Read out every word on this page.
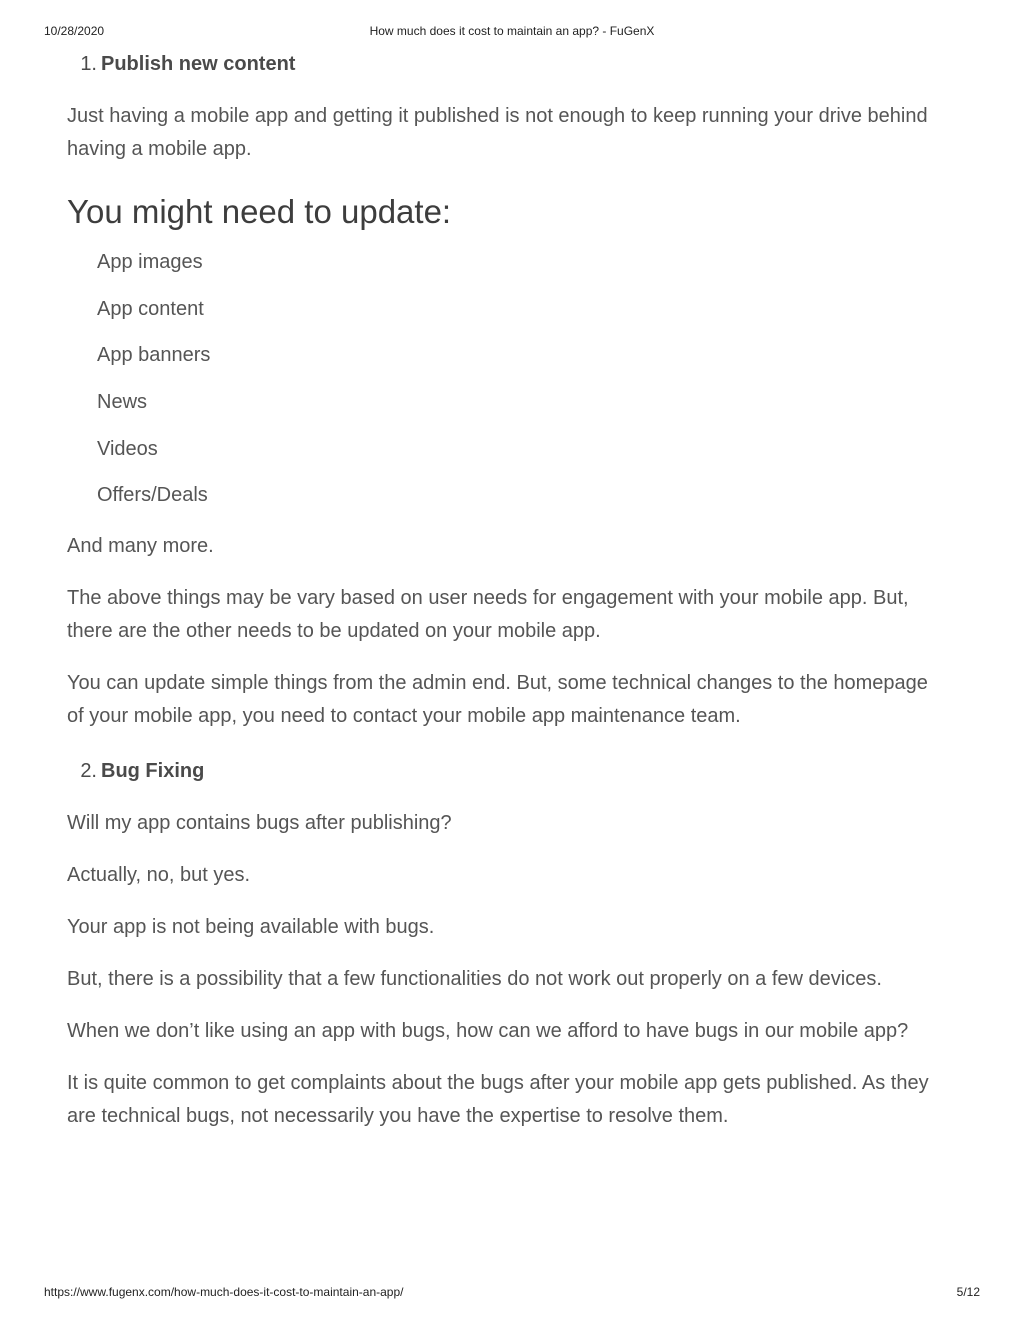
10/28/2020	How much does it cost to maintain an app? - FuGenX
1. Publish new content

Just having a mobile app and getting it published is not enough to keep running your drive behind having a mobile app.

You might need to update:
App images
App content
App banners
News
Videos
Offers/Deals

And many more.

The above things may be vary based on user needs for engagement with your mobile app. But, there are the other needs to be updated on your mobile app.

You can update simple things from the admin end. But, some technical changes to the homepage of your mobile app, you need to contact your mobile app maintenance team.

2. Bug Fixing

Will my app contains bugs after publishing?

Actually, no, but yes.

Your app is not being available with bugs.

But, there is a possibility that a few functionalities do not work out properly on a few devices.

When we don’t like using an app with bugs, how can we afford to have bugs in our mobile app?

It is quite common to get complaints about the bugs after your mobile app gets published. As they are technical bugs, not necessarily you have the expertise to resolve them.

https://www.fugenx.com/how-much-does-it-cost-to-maintain-an-app/	5/12
